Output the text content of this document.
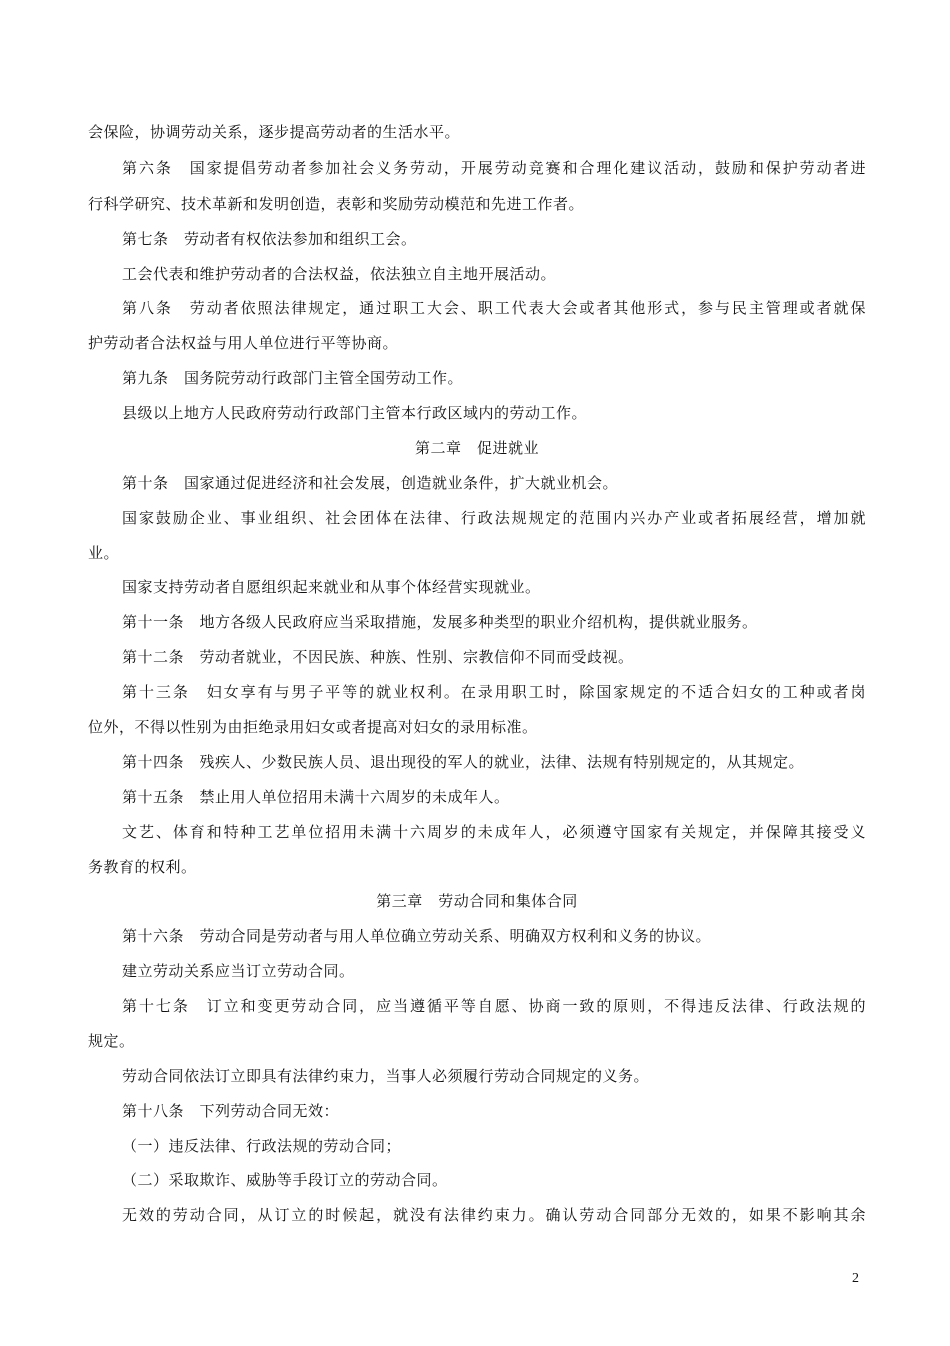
会保险，协调劳动关系，逐步提高劳动者的生活水平。
第六条　国家提倡劳动者参加社会义务劳动，开展劳动竞赛和合理化建议活动，鼓励和保护劳动者进
行科学研究、技术革新和发明创造，表彰和奖励劳动模范和先进工作者。
第七条　劳动者有权依法参加和组织工会。
工会代表和维护劳动者的合法权益，依法独立自主地开展活动。
第八条　劳动者依照法律规定，通过职工大会、职工代表大会或者其他形式，参与民主管理或者就保
护劳动者合法权益与用人单位进行平等协商。
第九条　国务院劳动行政部门主管全国劳动工作。
县级以上地方人民政府劳动行政部门主管本行政区域内的劳动工作。
第二章　促进就业
第十条　国家通过促进经济和社会发展，创造就业条件，扩大就业机会。
国家鼓励企业、事业组织、社会团体在法律、行政法规规定的范围内兴办产业或者拓展经营，增加就
业。
国家支持劳动者自愿组织起来就业和从事个体经营实现就业。
第十一条　地方各级人民政府应当采取措施，发展多种类型的职业介绍机构，提供就业服务。
第十二条　劳动者就业，不因民族、种族、性别、宗教信仰不同而受歧视。
第十三条　妇女享有与男子平等的就业权利。在录用职工时，除国家规定的不适合妇女的工种或者岗
位外，不得以性别为由拒绝录用妇女或者提高对妇女的录用标准。
第十四条　残疾人、少数民族人员、退出现役的军人的就业，法律、法规有特别规定的，从其规定。
第十五条　禁止用人单位招用未满十六周岁的未成年人。
文艺、体育和特种工艺单位招用未满十六周岁的未成年人，必须遵守国家有关规定，并保障其接受义
务教育的权利。
第三章　劳动合同和集体合同
第十六条　劳动合同是劳动者与用人单位确立劳动关系、明确双方权利和义务的协议。
建立劳动关系应当订立劳动合同。
第十七条　订立和变更劳动合同，应当遵循平等自愿、协商一致的原则，不得违反法律、行政法规的
规定。
劳动合同依法订立即具有法律约束力，当事人必须履行劳动合同规定的义务。
第十八条　下列劳动合同无效：
（一）违反法律、行政法规的劳动合同；
（二）采取欺诈、威胁等手段订立的劳动合同。
无效的劳动合同，从订立的时候起，就没有法律约束力。确认劳动合同部分无效的，如果不影响其余
2
